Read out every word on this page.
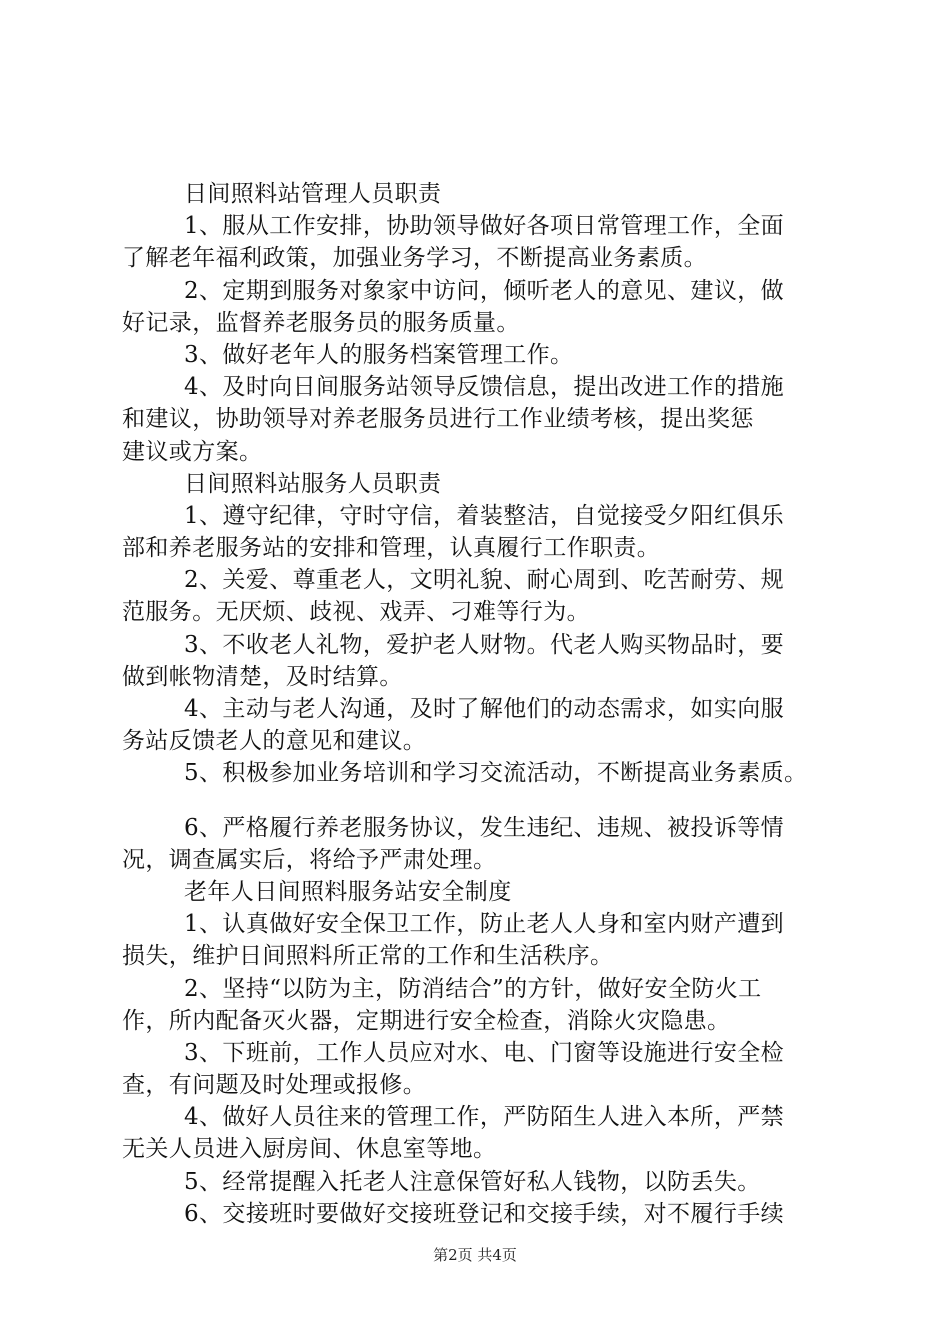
日间照料站管理人员职责
1、服从工作安排，协助领导做好各项日常管理工作，全面
了解老年福利政策，加强业务学习，不断提高业务素质。
2、定期到服务对象家中访问，倾听老人的意见、建议，做
好记录，监督养老服务员的服务质量。
3、做好老年人的服务档案管理工作。
4、及时向日间服务站领导反馈信息，提出改进工作的措施
和建议，协助领导对养老服务员进行工作业绩考核，提出奖惩
建议或方案。
日间照料站服务人员职责
1、遵守纪律，守时守信，着装整洁，自觉接受夕阳红俱乐
部和养老服务站的安排和管理，认真履行工作职责。
2、关爱、尊重老人，文明礼貌、耐心周到、吃苦耐劳、规
范服务。无厌烦、歧视、戏弄、刁难等行为。
3、不收老人礼物，爱护老人财物。代老人购买物品时，要
做到帐物清楚，及时结算。
4、主动与老人沟通，及时了解他们的动态需求，如实向服
务站反馈老人的意见和建议。
5、积极参加业务培训和学习交流活动，不断提高业务素质。
6、严格履行养老服务协议，发生违纪、违规、被投诉等情
况，调查属实后，将给予严肃处理。
老年人日间照料服务站安全制度
1、认真做好安全保卫工作，防止老人人身和室内财产遭到
损失，维护日间照料所正常的工作和生活秩序。
2、坚持“以防为主，防消结合”的方针，做好安全防火工
作，所内配备灭火器，定期进行安全检查，消除火灾隐患。
3、下班前，工作人员应对水、电、门窗等设施进行安全检
查，有问题及时处理或报修。
4、做好人员往来的管理工作，严防陌生人进入本所，严禁
无关人员进入厨房间、休息室等地。
5、经常提醒入托老人注意保管好私人钱物，以防丢失。
6、交接班时要做好交接班登记和交接手续，对不履行手续
第2页 共4页
